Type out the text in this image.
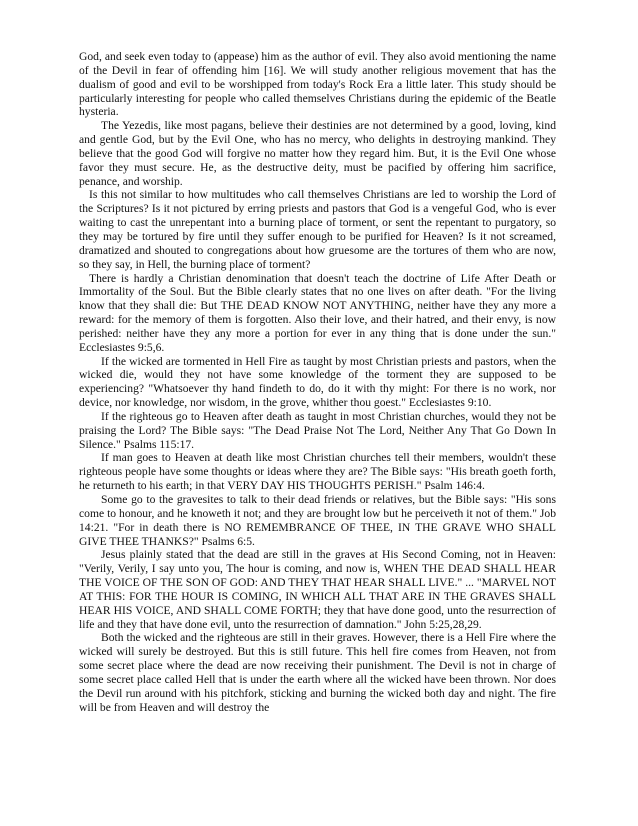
God, and seek even today to (appease) him as the author of evil. They also avoid mentioning the name of the Devil in fear of offending him [16]. We will study another religious movement that has the dualism of good and evil to be worshipped from today's Rock Era a little later. This study should be particularly interesting for people who called themselves Christians during the epidemic of the Beatle hysteria.

The Yezedis, like most pagans, believe their destinies are not determined by a good, loving, kind and gentle God, but by the Evil One, who has no mercy, who delights in destroying mankind. They believe that the good God will forgive no matter how they regard him. But, it is the Evil One whose favor they must secure. He, as the destructive deity, must be pacified by offering him sacrifice, penance, and worship.

Is this not similar to how multitudes who call themselves Christians are led to worship the Lord of the Scriptures? Is it not pictured by erring priests and pastors that God is a vengeful God, who is ever waiting to cast the unrepentant into a burning place of torment, or sent the repentant to purgatory, so they may be tortured by fire until they suffer enough to be purified for Heaven? Is it not screamed, dramatized and shouted to congregations about how gruesome are the tortures of them who are now, so they say, in Hell, the burning place of torment?

There is hardly a Christian denomination that doesn't teach the doctrine of Life After Death or Immortality of the Soul. But the Bible clearly states that no one lives on after death. "For the living know that they shall die: But THE DEAD KNOW NOT ANYTHING, neither have they any more a reward: for the memory of them is forgotten. Also their love, and their hatred, and their envy, is now perished: neither have they any more a portion for ever in any thing that is done under the sun." Ecclesiastes 9:5,6.

If the wicked are tormented in Hell Fire as taught by most Christian priests and pastors, when the wicked die, would they not have some knowledge of the torment they are supposed to be experiencing? "Whatsoever thy hand findeth to do, do it with thy might: For there is no work, nor device, nor knowledge, nor wisdom, in the grove, whither thou goest." Ecclesiastes 9:10.

If the righteous go to Heaven after death as taught in most Christian churches, would they not be praising the Lord? The Bible says: "The Dead Praise Not The Lord, Neither Any That Go Down In Silence." Psalms 115:17.

If man goes to Heaven at death like most Christian churches tell their members, wouldn't these righteous people have some thoughts or ideas where they are? The Bible says: "His breath goeth forth, he returneth to his earth; in that VERY DAY HIS THOUGHTS PERISH." Psalm 146:4.

Some go to the gravesites to talk to their dead friends or relatives, but the Bible says: "His sons come to honour, and he knoweth it not; and they are brought low but he perceiveth it not of them." Job 14:21. "For in death there is NO REMEMBRANCE OF THEE, IN THE GRAVE WHO SHALL GIVE THEE THANKS?" Psalms 6:5.

Jesus plainly stated that the dead are still in the graves at His Second Coming, not in Heaven: "Verily, Verily, I say unto you, The hour is coming, and now is, WHEN THE DEAD SHALL HEAR THE VOICE OF THE SON OF GOD: AND THEY THAT HEAR SHALL LIVE." ... "MARVEL NOT AT THIS: FOR THE HOUR IS COMING, IN WHICH ALL THAT ARE IN THE GRAVES SHALL HEAR HIS VOICE, AND SHALL COME FORTH; they that have done good, unto the resurrection of life and they that have done evil, unto the resurrection of damnation." John 5:25,28,29.

Both the wicked and the righteous are still in their graves. However, there is a Hell Fire where the wicked will surely be destroyed. But this is still future. This hell fire comes from Heaven, not from some secret place where the dead are now receiving their punishment. The Devil is not in charge of some secret place called Hell that is under the earth where all the wicked have been thrown. Nor does the Devil run around with his pitchfork, sticking and burning the wicked both day and night. The fire will be from Heaven and will destroy the
